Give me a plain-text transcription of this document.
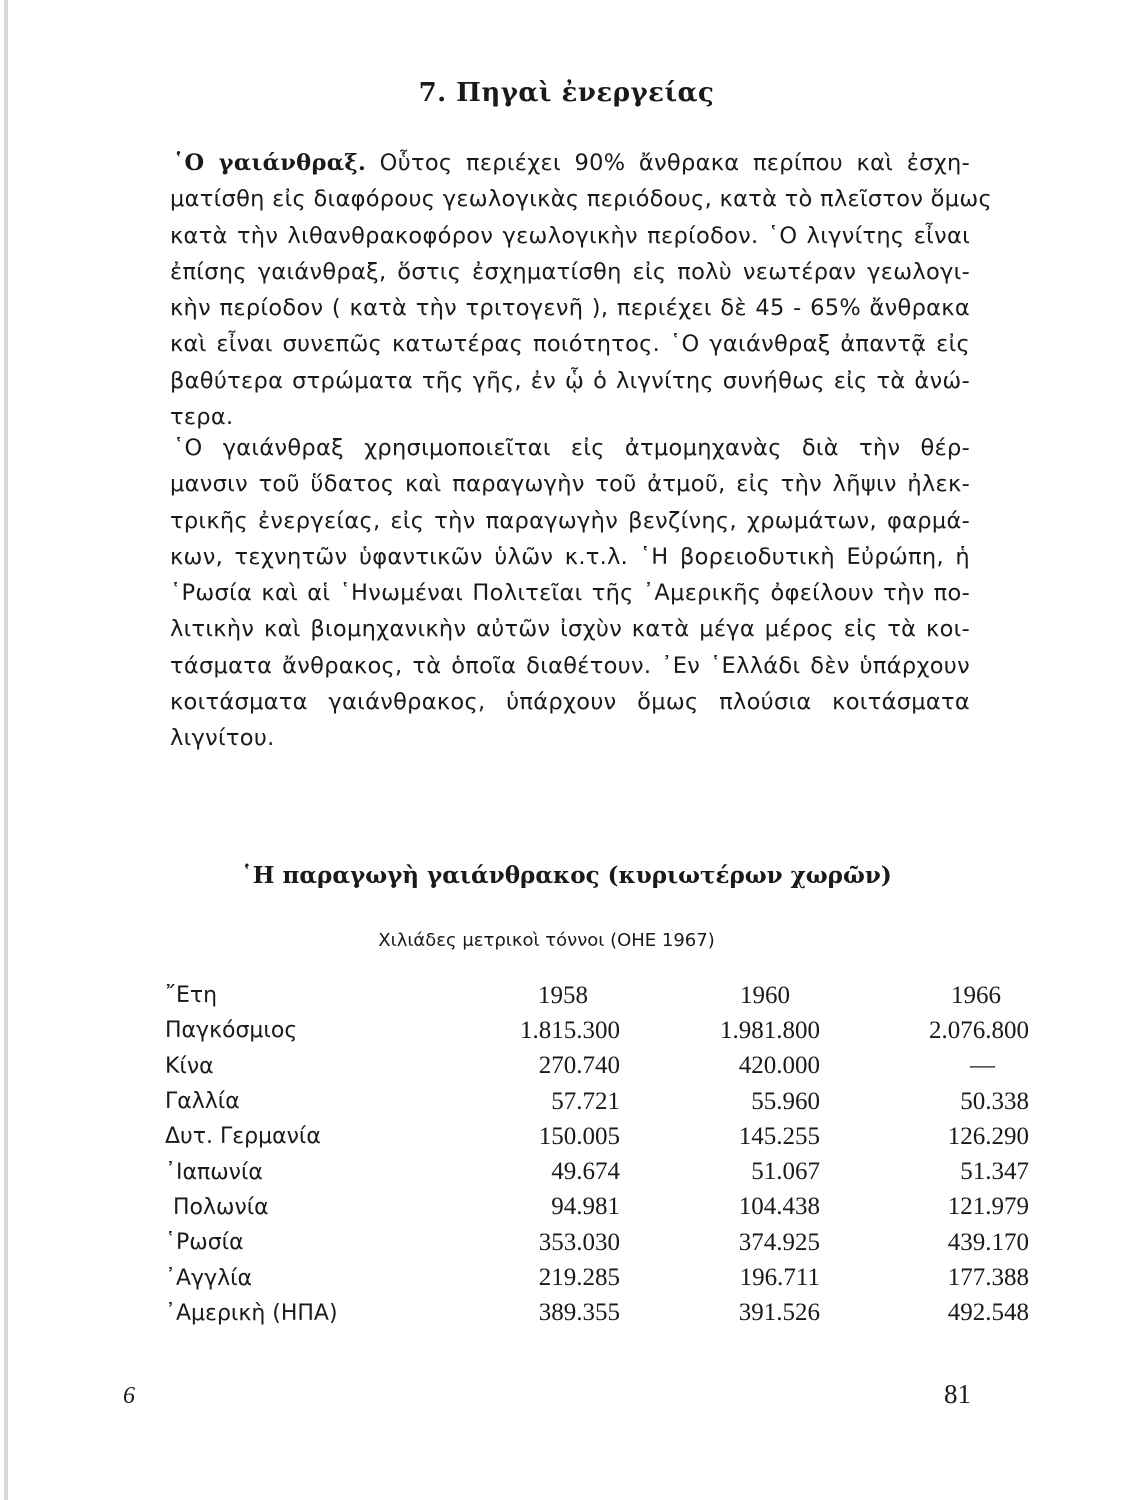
7. Πηγαὶ ἐνεργείας
῾Ο γαιάνθραξ. Οὗτος περιέχει 90% ἄνθρακα περίπου καὶ ἐσχη-
ματίσθη εἰς διαφόρους γεωλογικὰς περιόδους, κατὰ τὸ πλεῖστον ὅμως
κατὰ τὴν λιθανθρακοφόρον γεωλογικὴν περίοδον. ῾Ο λιγνίτης εἶναι
ἐπίσης γαιάνθραξ, ὅστις ἐσχηματίσθη εἰς πολὺ νεωτέραν γεωλογι-
κὴν περίοδον ( κατὰ τὴν τριτογενῆ ), περιέχει δὲ 45 - 65% ἄνθρακα
καὶ εἶναι συνεπῶς κατωτέρας ποιότητος. ῾Ο γαιάνθραξ ἀπαντᾷ εἰς
βαθύτερα στρώματα τῆς γῆς, ἐν ᾧ ὁ λιγνίτης συνήθως εἰς τὰ ἀνώ-
τερα.
῾Ο γαιάνθραξ χρησιμοποιεῖται εἰς ἀτμομηχανὰς διὰ τὴν θέρ-
μανσιν τοῦ ὕδατος καὶ παραγωγὴν τοῦ ἀτμοῦ, εἰς τὴν λῆψιν ἠλεκ-
τρικῆς ἐνεργείας, εἰς τὴν παραγωγὴν βενζίνης, χρωμάτων, φαρμά-
κων, τεχνητῶν ὑφαντικῶν ὑλῶν κ.τ.λ. ῾Η βορειοδυτικὴ Εὐρώπη, ἡ
῾Ρωσία καὶ αἱ ῾Ηνωμέναι Πολιτεῖαι τῆς ᾿Αμερικῆς ὀφείλουν τὴν πο-
λιτικὴν καὶ βιομηχανικὴν αὐτῶν ἰσχὺν κατὰ μέγα μέρος εἰς τὰ κοι-
τάσματα ἄνθρακος, τὰ ὁποῖα διαθέτουν. ᾿Εν ῾Ελλάδι δὲν ὑπάρχουν
κοιτάσματα γαιάνθρακος, ὑπάρχουν ὅμως πλούσια κοιτάσματα
λιγνίτου.
῾Η παραγωγὴ γαιάνθρακος (κυριωτέρων χωρῶν)
Χιλιάδες μετρικοὶ τόννοι (ΟΗΕ 1967)
῎Ετη	1958	1960	1966
Παγκόσμιος	1.815.300	1.981.800	2.076.800
Κίνα	270.740	420.000	—
Γαλλία	57.721	55.960	50.338
Δυτ. Γερμανία	150.005	145.255	126.290
᾿Ιαπωνία	49.674	51.067	51.347
Πολωνία	94.981	104.438	121.979
῾Ρωσία	353.030	374.925	439.170
᾿Αγγλία	219.285	196.711	177.388
᾿Αμερικὴ (ΗΠΑ)	389.355	391.526	492.548
6	81
